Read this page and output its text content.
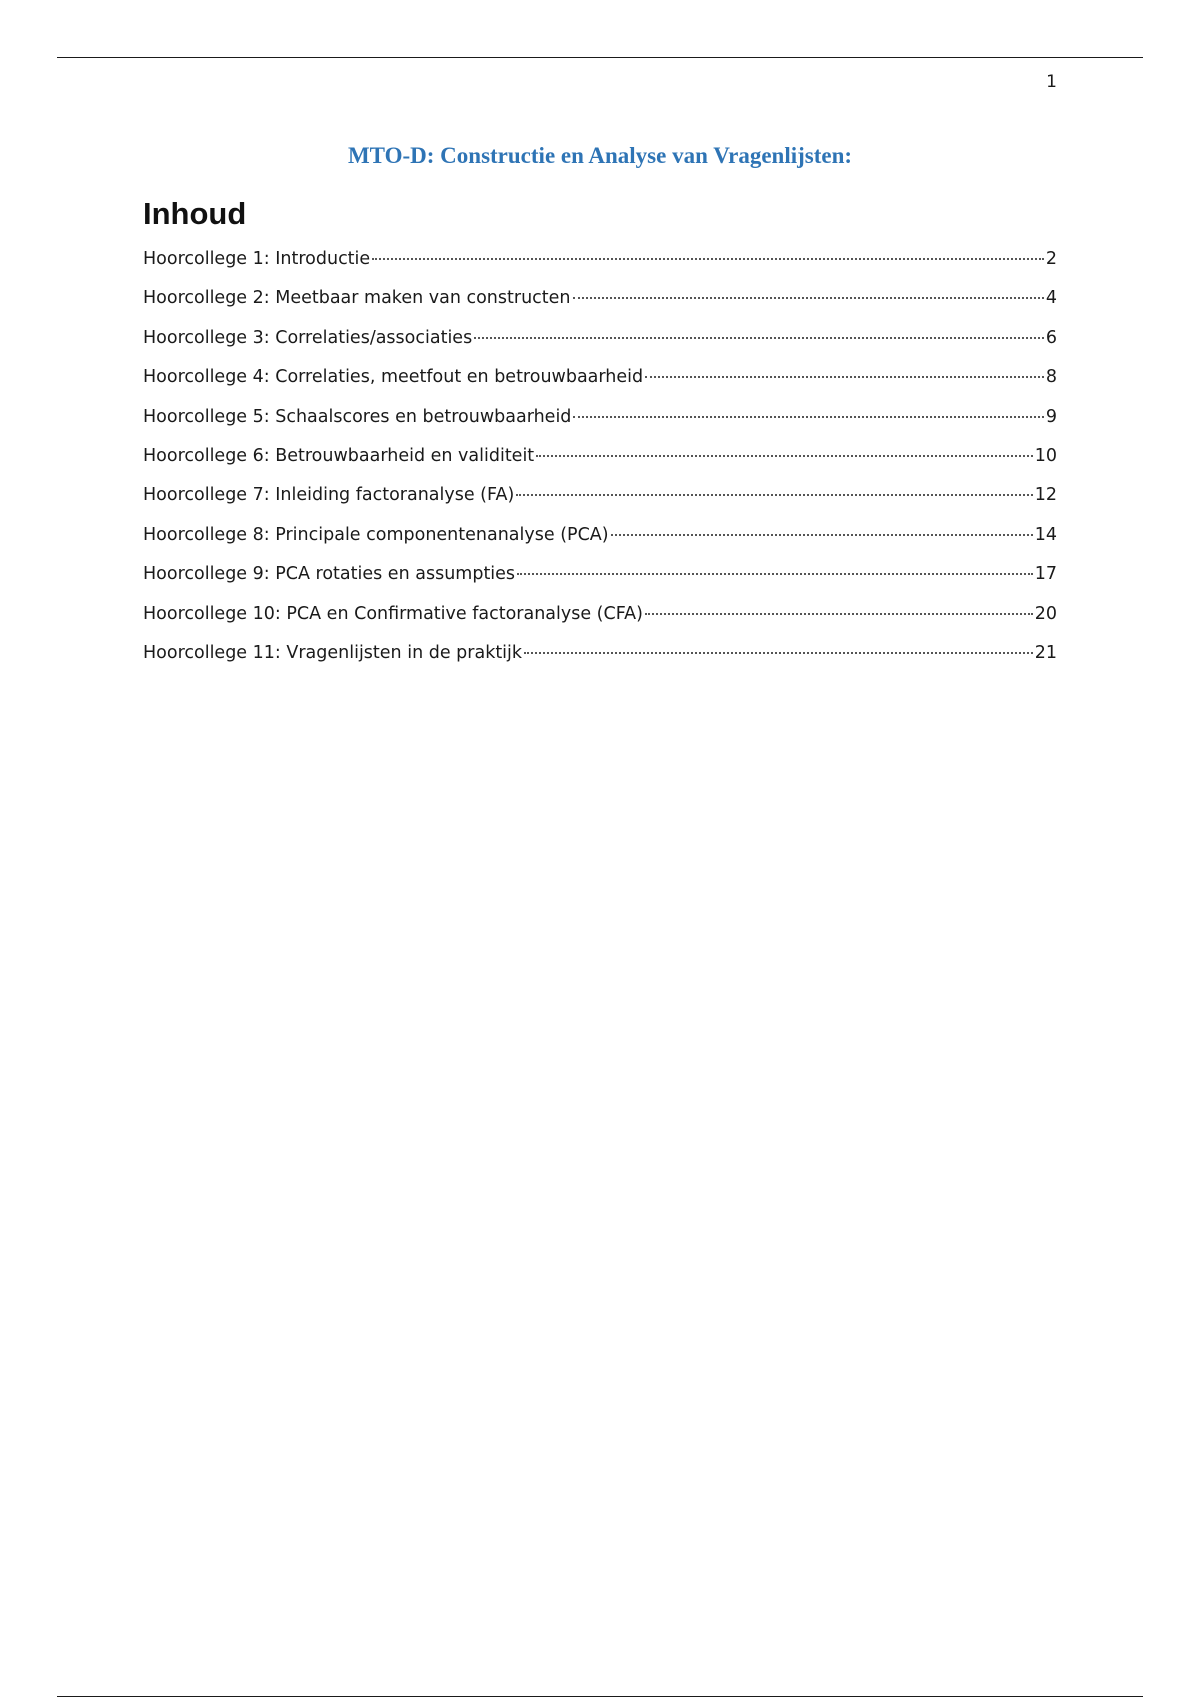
1
MTO-D: Constructie en Analyse van Vragenlijsten:
Inhoud
Hoorcollege 1: Introductie	2
Hoorcollege 2: Meetbaar maken van constructen	4
Hoorcollege 3: Correlaties/associaties	6
Hoorcollege 4: Correlaties, meetfout en betrouwbaarheid	8
Hoorcollege 5: Schaalscores en betrouwbaarheid	9
Hoorcollege 6: Betrouwbaarheid en validiteit	10
Hoorcollege 7: Inleiding factoranalyse (FA)	12
Hoorcollege 8: Principale componentenanalyse (PCA)	14
Hoorcollege 9: PCA rotaties en assumpties	17
Hoorcollege 10: PCA en Confirmative factoranalyse (CFA)	20
Hoorcollege 11: Vragenlijsten in de praktijk	21
